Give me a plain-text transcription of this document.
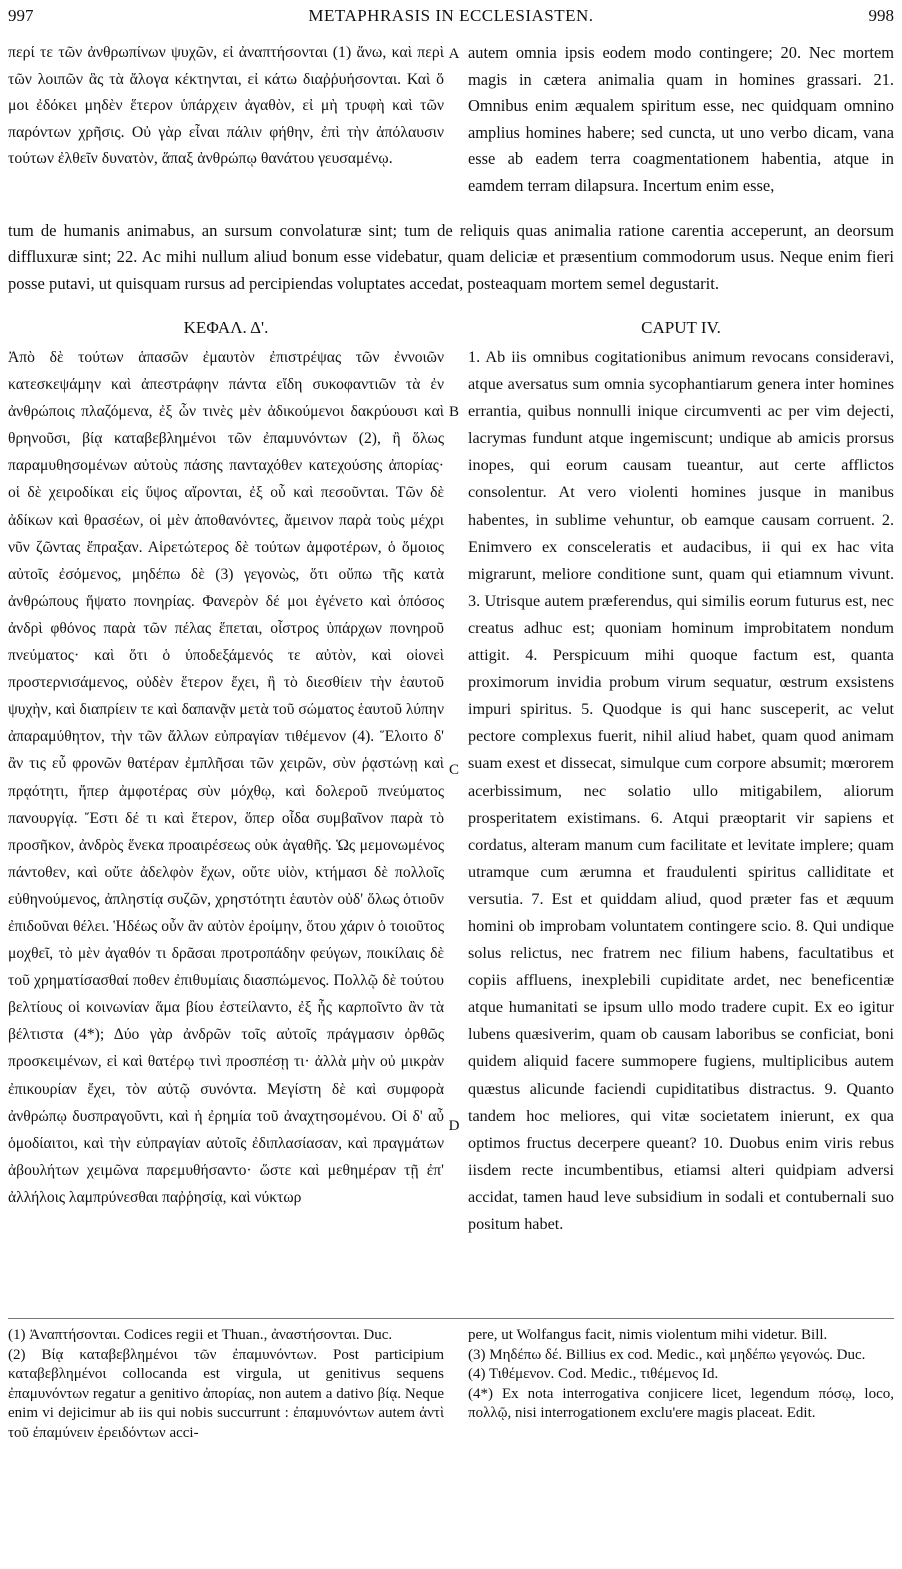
997	METAPHRASIS IN ECCLESIASTEN.	998
περί τε τῶν ἀνθρωπίνων ψυχῶν, εἰ ἀναπτήσονται (1) ἄνω, καὶ περὶ τῶν λοιπῶν ἃς τὰ ἄλογα κέκτηνται, εἰ κάτω διαῤῥυήσονται. Καὶ ὅ μοι ἐδόκει μηδὲν ἕτερον ὑπάρχειν ἀγαθὸν, εἰ μὴ τρυφὴ καὶ τῶν παρόντων χρῆσις. Οὐ γὰρ εἶναι πάλιν φήθην, ἐπὶ τὴν ἀπόλαυσιν τούτων ἐλθεῖν δυνατὸν, ἅπαξ ἀνθρώπῳ θανάτου γευσαμένῳ.
A autem omnia ipsis eodem modo contingere; 20. Nec mortem magis in cætera animalia quam in homines grassari. 21. Omnibus enim æqualem spiritum esse, nec quidquam omnino amplius homines habere; sed cuncta, ut uno verbo dicam, vana esse ab eadem terra coagmentationem habentia, atque in eamdem terram dilapsura. Incertum enim esse,
tum de humanis animabus, an sursum convolaturæ sint; tum de reliquis quas animalia ratione carentia acceperunt, an deorsum diffluxuræ sint; 22. Ac mihi nullum aliud bonum esse videbatur, quam deliciæ et præsentium commodorum usus. Neque enim fieri posse putavi, ut quisquam rursus ad percipiendas voluptates accedat, posteaquam mortem semel degustarit.
ΚΕΦΑΛ. Δ'.	CAPUT IV.
Ἀπὸ δὲ τούτων ἁπασῶν ἐμαυτὸν ἐπιστρέψας τῶν ἐννοιῶν κατεσκεψάμην καὶ ἀπεστράφην πάντα εἴδη συκοφαντιῶν τὰ ἐν ἀνθρώποις πλαζόμενα, ἐξ ὧν τινὲς μὲν ἀδικούμενοι δακρύουσι καὶ θρηνοῦσι, βίᾳ καταβεβλημένοι τῶν ἐπαμυνόντων (2), ἢ ὅλως παραμυθησομένων αὐτοὺς πάσης πανταχόθεν κατεχούσης ἀπορίας· οἱ δὲ χειροδίκαι εἰς ὕψος αἴρονται, ἐξ οὗ καὶ πεσοῦνται. Τῶν δὲ ἀδίκων καὶ θρασέων, οἱ μὲν ἀποθανόντες, ἄμεινον παρὰ τοὺς μέχρι νῦν ζῶντας ἔπραξαν. Αἱρετώτερος δὲ τούτων ἀμφοτέρων, ὁ ὅμοιος αὐτοῖς ἐσόμενος, μηδέπω δὲ (3) γεγονὼς, ὅτι οὔπω τῆς κατὰ ἀνθρώπους ἥψατο πονηρίας. Φανερὸν δέ μοι ἐγένετο καὶ ὁπόσος ἀνδρὶ φθόνος παρὰ τῶν πέλας ἕπεται, οἶστρος ὑπάρχων πονηροῦ πνεύματος· καὶ ὅτι ὁ ὑποδεξάμενός τε αὐτὸν, καὶ οἱονεὶ προστερνισάμενος, οὐδὲν ἕτερον ἔχει, ἢ τὸ διεσθίειν τὴν ἑαυτοῦ ψυχὴν, καὶ διαπρίειν τε καὶ δαπανᾷν μετὰ τοῦ σώματος ἑαυτοῦ λύπην ἀπαραμύθητον, τὴν τῶν ἄλλων εὐπραγίαν τιθέμενον (4). Ἕλοιτο δ' ἂν τις εὖ φρονῶν θατέραν ἐμπλῆσαι τῶν χειρῶν, σὺν ῥᾳστώνῃ καὶ πρᾳότητι, ἤπερ ἀμφοτέρας σὺν μόχθῳ, καὶ δολεροῦ πνεύματος πανουργίᾳ. Ἔστι δέ τι καὶ ἕτερον, ὅπερ οἶδα συμβαῖνον παρὰ τὸ προσῆκον, ἀνδρὸς ἕνεκα προαιρέσεως οὐκ ἀγαθῆς. Ὡς μεμονωμένος πάντοθεν, καὶ οὔτε ἀδελφὸν ἔχων, οὔτε υἱὸν, κτήμασι δὲ πολλοῖς εὐθηνούμενος, ἀπληστίᾳ συζῶν, χρηστότητι ἑαυτὸν οὐδ' ὅλως ὁτιοῦν ἐπιδοῦναι θέλει. Ἡδέως οὖν ἂν αὐτὸν ἐροίμην, ὅτου χάριν ὁ τοιοῦτος μοχθεῖ, τὸ μὲν ἀγαθόν τι δρᾶσαι προτροπάδην φεύγων, ποικίλαις δὲ τοῦ χρηματίσασθαί ποθεν ἐπιθυμίαις διασπώμενος. Πολλῷ δὲ τούτου βελτίους οἱ κοινωνίαν ἅμα βίου ἐστείλαντο, ἐξ ἧς καρποῖντο ἂν τὰ βέλτιστα (4*); Δύο γὰρ ἀνδρῶν τοῖς αὐτοῖς πράγμασιν ὀρθῶς προσκειμένων, εἰ καὶ θατέρῳ τινὶ προσπέσῃ τι· ἀλλὰ μὴν οὐ μικρὰν ἐπικουρίαν ἔχει, τὸν αὐτῷ συνόντα. Μεγίστη δὲ καὶ συμφορὰ ἀνθρώπῳ δυσπραγοῦντι, καὶ ἡ ἐρημία τοῦ ἀναχτησομένου. Οἱ δ' αὖ ὁμοδίαιτοι, καὶ τὴν εὐπραγίαν αὐτοῖς ἐδιπλασίασαν, καὶ πραγμάτων ἀβουλήτων χειμῶνα παρεμυθήσαντο· ὥστε καὶ μεθημέραν τῇ ἐπ' ἀλλήλοις λαμπρύνεσθαι παῤῥησίᾳ, καὶ νύκτωρ
B
C
D
1. Ab iis omnibus cogitationibus animum revocans consideravi, atque aversatus sum omnia sycophantiarum genera inter homines errantia, quibus nonnulli inique circumventi ac per vim dejecti, lacrymas fundunt atque ingemiscunt; undique ab amicis prorsus inopes, qui eorum causam tueantur, aut certe afflictos consolentur. At vero violenti homines jusque in manibus habentes, in sublime vehuntur, ob eamque causam corruent. 2. Enimvero ex consceleratis et audacibus, ii qui ex hac vita migrarunt, meliore conditione sunt, quam qui etiamnum vivunt. 3. Utrisque autem præferendus, qui similis eorum futurus est, nec creatus adhuc est; quoniam hominum improbitatem nondum attigit. 4. Perspicuum mihi quoque factum est, quanta proximorum invidia probum virum sequatur, œstrum exsistens impuri spiritus. 5. Quodque is qui hanc susceperit, ac velut pectore complexus fuerit, nihil aliud habet, quam quod animam suam exest et dissecat, simulque cum corpore absumit; mœrorem acerbissimum, nec solatio ullo mitigabilem, aliorum prosperitatem existimans. 6. Atqui præoptarit vir sapiens et cordatus, alteram manum cum facilitate et levitate implere; quam utramque cum ærumna et fraudulenti spiritus calliditate et versutia. 7. Est et quiddam aliud, quod præter fas et æquum homini ob improbam voluntatem contingere scio. 8. Qui undique solus relictus, nec fratrem nec filium habens, facultatibus et copiis affluens, inexplebili cupiditate ardet, nec beneficentiæ atque humanitati se ipsum ullo modo tradere cupit. Ex eo igitur lubens quæsiverim, quam ob causam laboribus se conficiat, boni quidem aliquid facere summopere fugiens, multiplicibus autem quæstus alicunde faciendi cupiditatibus distractus. 9. Quanto tandem hoc meliores, qui vitæ societatem inierunt, ex qua optimos fructus decerpere queant? 10. Duobus enim viris rebus iisdem recte incumbentibus, etiamsi alteri quidpiam adversi accidat, tamen haud leve subsidium in sodali et contubernali suo positum habet.

(1) Ἀναπτήσονται. Codices regii et Thuan., ἀναστήσονται. Duc.

(2) Βίᾳ καταβεβλημένοι τῶν ἐπαμυνόντων. Post participium καταβεβλημένοι collocanda est virgula, ut genitivus sequens ἐπαμυνόντων regatur a genitivo ἀπορίας, non autem a dativo βίᾳ. Neque enim vi dejicimur ab iis qui nobis succurrunt : ἐπαμυνόντων autem ἀντὶ τοῦ ἐπαμύνειν ἐρειδόντων acci-

pere, ut Wolfangus facit, nimis violentum mihi videtur. Bill.

(3) Μηδέπω δέ. Billius ex cod. Medic., καὶ μηδέπω γεγονώς. Duc.

(4) Τιθέμενον. Cod. Medic., τιθέμενος Id.

(4*) Ex nota interrogativa conjicere licet, legendum πόσῳ, loco, πολλῷ, nisi interrogationem exclu'ere magis placeat. Edit.
